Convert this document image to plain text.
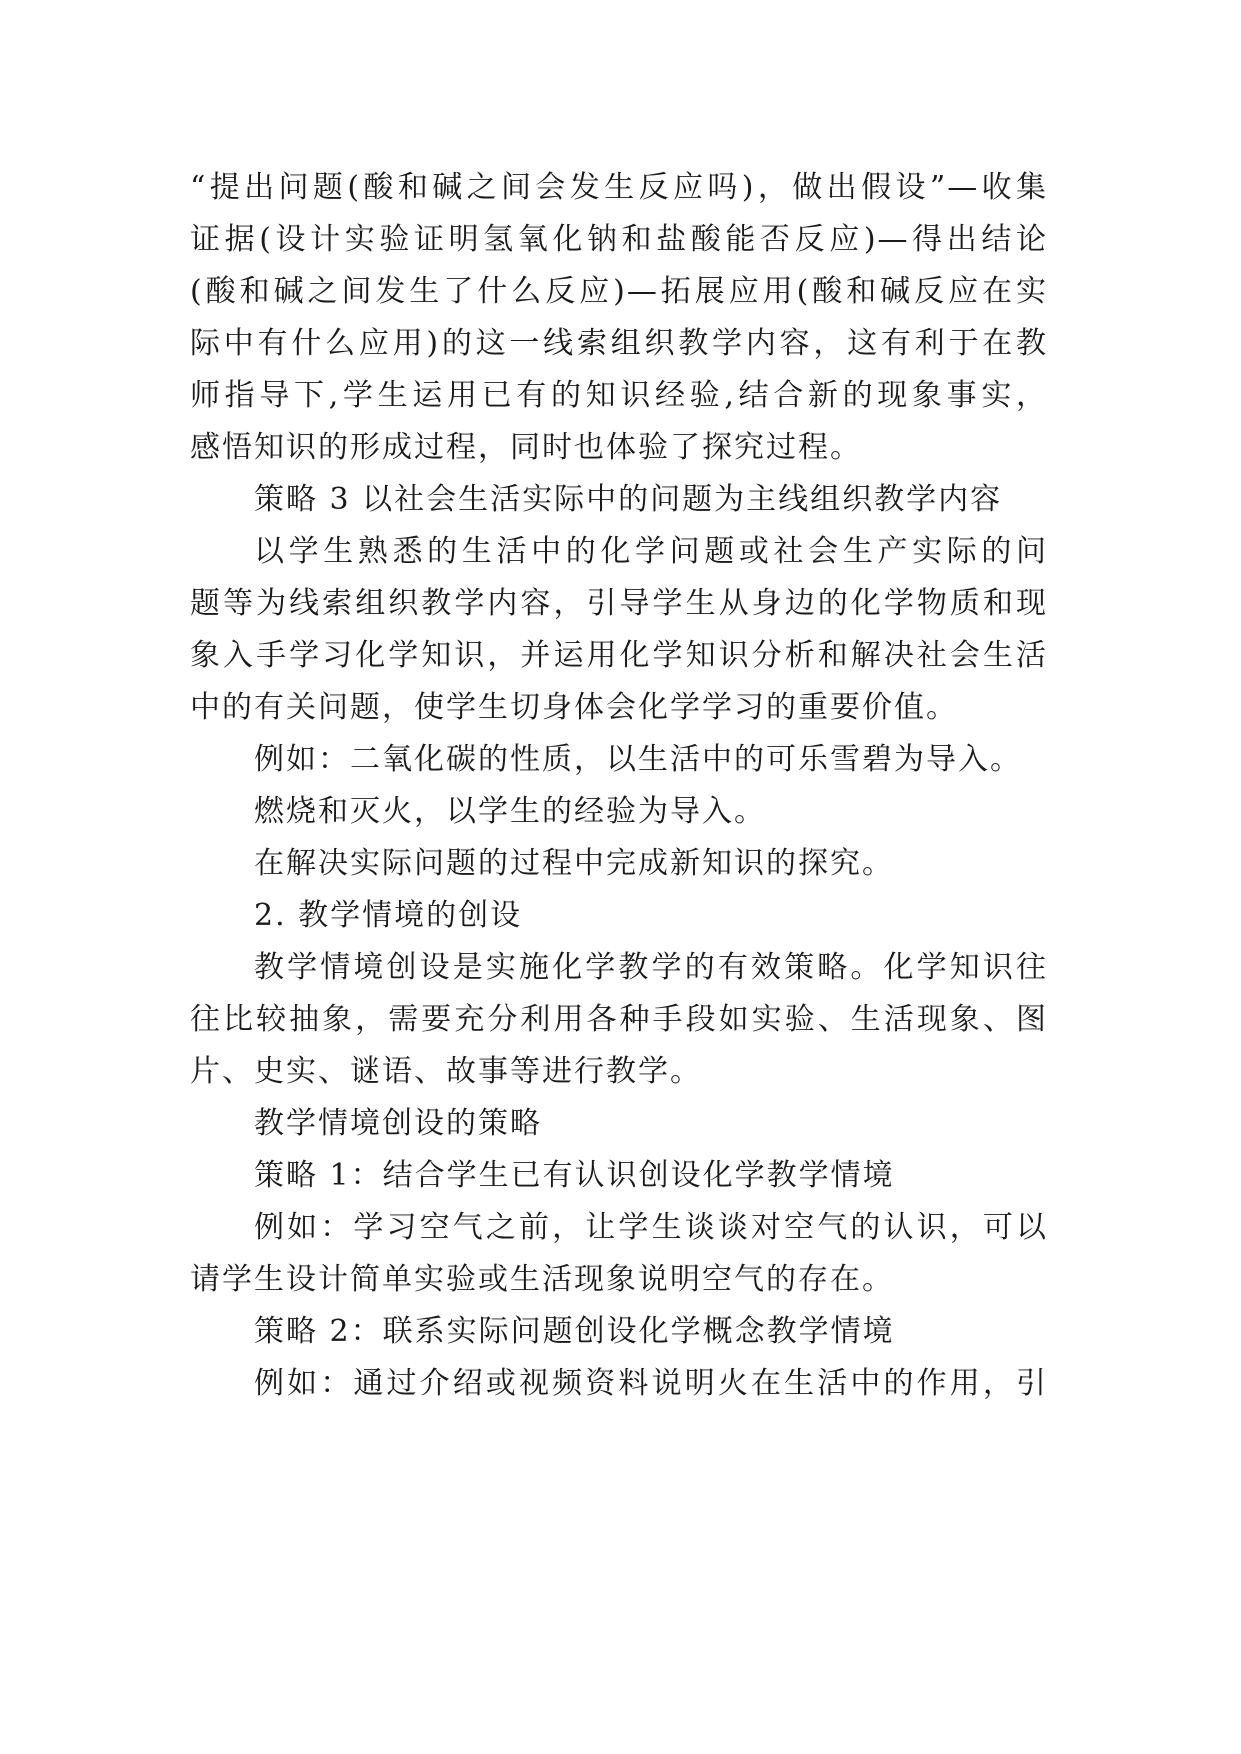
“提出问题(酸和碱之间会发生反应吗)，做出假设”—收集
证据(设计实验证明氢氧化钠和盐酸能否反应)—得出结论
(酸和碱之间发生了什么反应)—拓展应用(酸和碱反应在实
际中有什么应用)的这一线索组织教学内容，这有利于在教
师指导下,学生运用已有的知识经验,结合新的现象事实，
感悟知识的形成过程，同时也体验了探究过程。
策略 3 以社会生活实际中的问题为主线组织教学内容
以学生熟悉的生活中的化学问题或社会生产实际的问
题等为线索组织教学内容，引导学生从身边的化学物质和现
象入手学习化学知识，并运用化学知识分析和解决社会生活
中的有关问题，使学生切身体会化学学习的重要价值。
例如：二氧化碳的性质，以生活中的可乐雪碧为导入。
燃烧和灭火，以学生的经验为导入。
在解决实际问题的过程中完成新知识的探究。
2. 教学情境的创设
教学情境创设是实施化学教学的有效策略。化学知识往
往比较抽象，需要充分利用各种手段如实验、生活现象、图
片、史实、谜语、故事等进行教学。
教学情境创设的策略
策略 1：结合学生已有认识创设化学教学情境
例如：学习空气之前，让学生谈谈对空气的认识，可以
请学生设计简单实验或生活现象说明空气的存在。
策略 2：联系实际问题创设化学概念教学情境
例如：通过介绍或视频资料说明火在生活中的作用，引
